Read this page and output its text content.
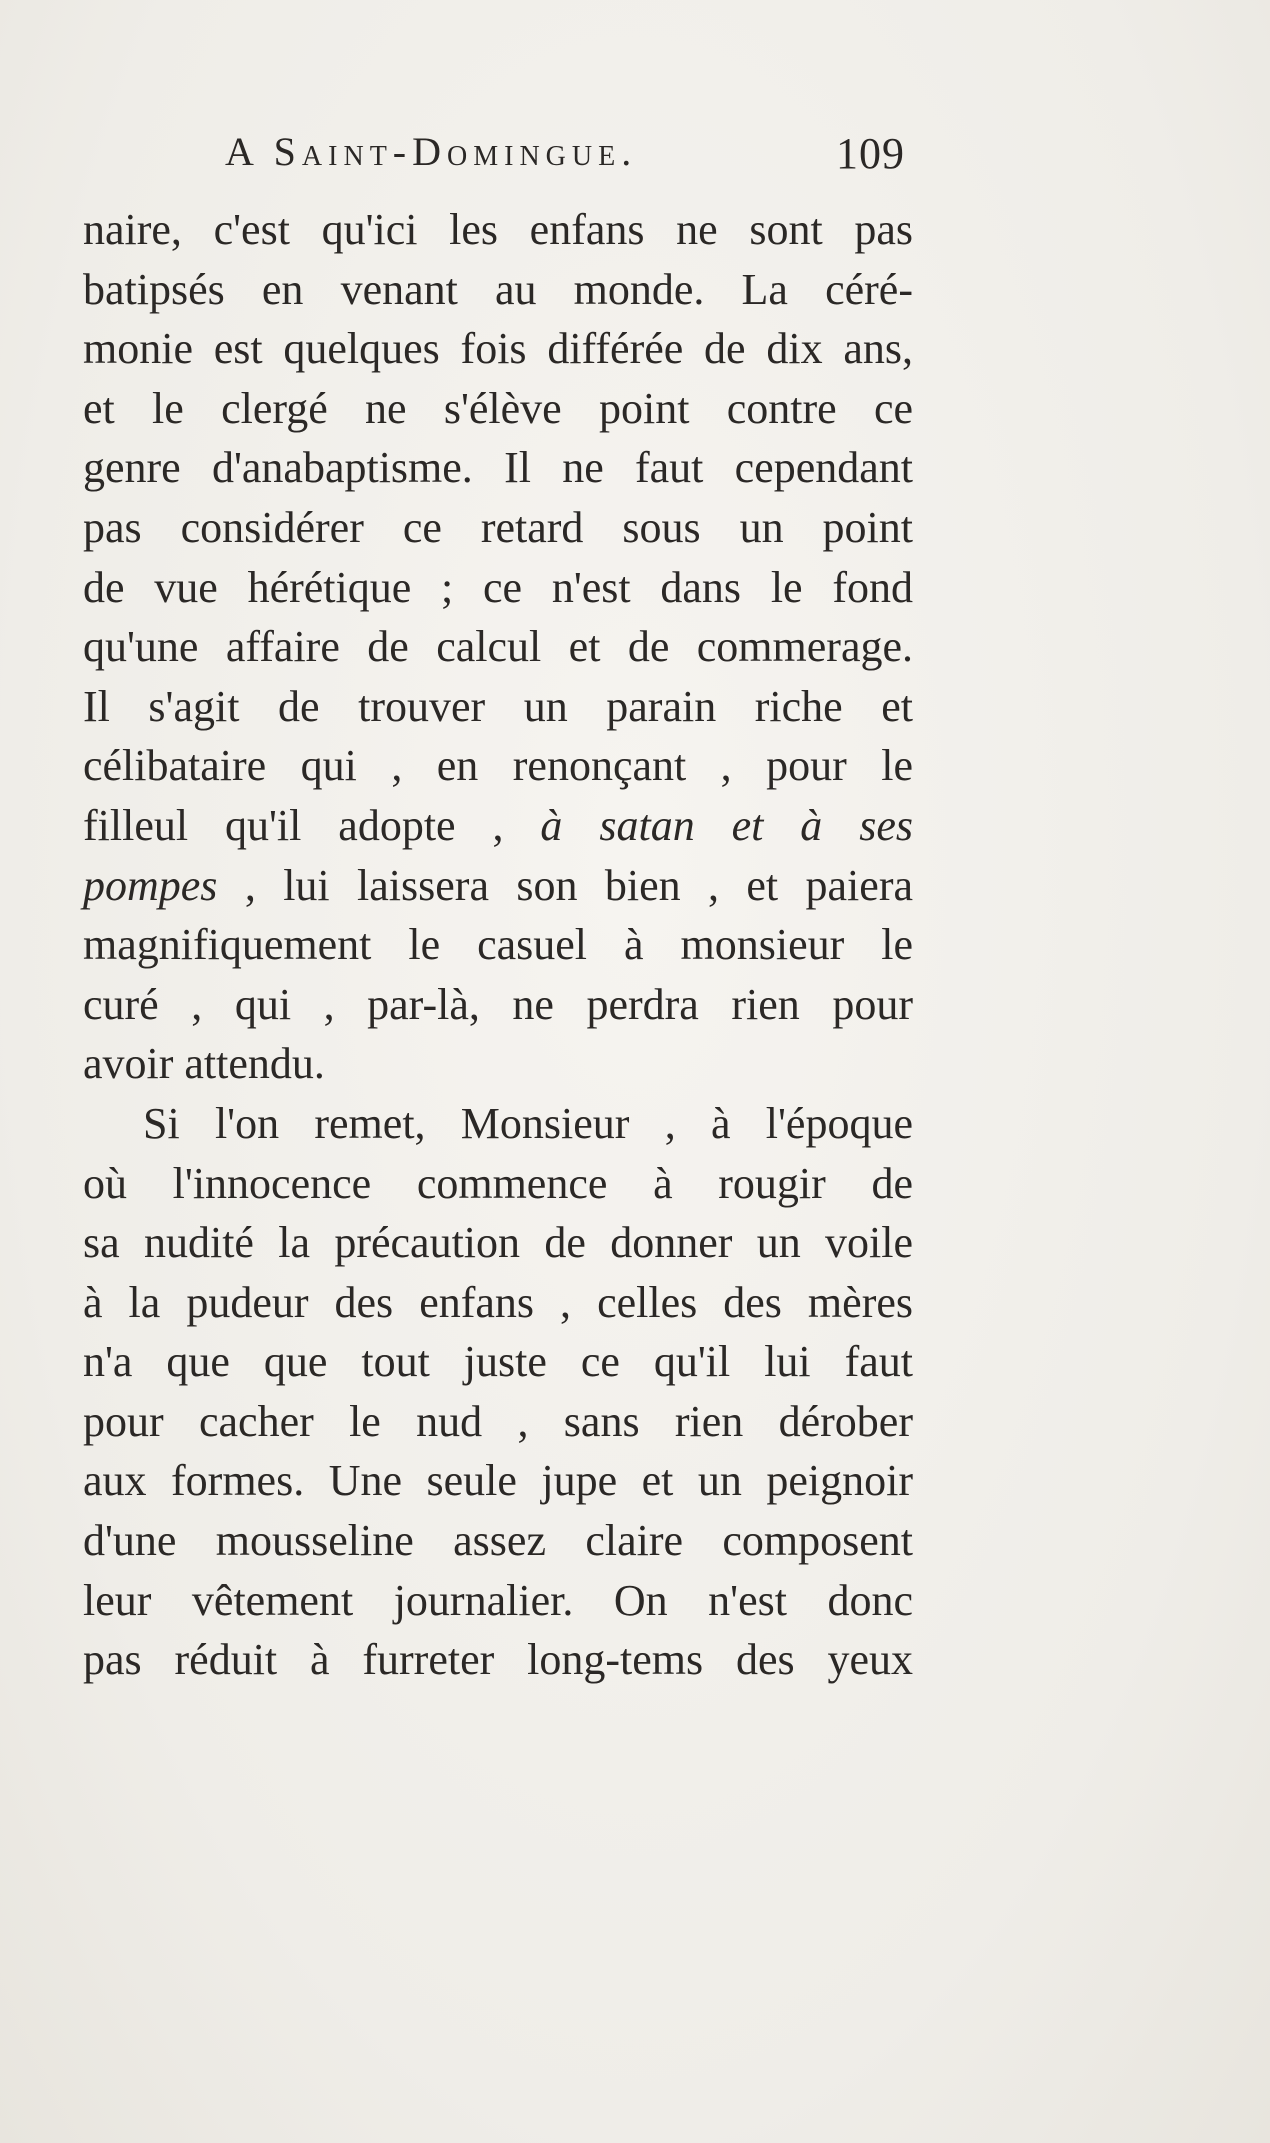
A Saint-Domingue.	109
naire, c'est qu'ici les enfans ne sont pas
batipsés en venant au monde. La céré-
monie est quelques fois différée de dix ans,
et le clergé ne s'élève point contre ce
genre d'anabaptisme. Il ne faut cependant
pas considérer ce retard sous un point
de vue hérétique ; ce n'est dans le fond
qu'une affaire de calcul et de commerage.
Il s'agit de trouver un parain riche et
célibataire qui , en renonçant , pour le
filleul qu'il adopte , à satan et à ses
pompes , lui laissera son bien , et paiera
magnifiquement le casuel à monsieur le
curé , qui , par-là, ne perdra rien pour
avoir attendu.
Si l'on remet, Monsieur , à l'époque
où l'innocence commence à rougir de
sa nudité la précaution de donner un voile
à la pudeur des enfans , celles des mères
n'a que que tout juste ce qu'il lui faut
pour cacher le nud , sans rien dérober
aux formes. Une seule jupe et un peignoir
d'une mousseline assez claire composent
leur vêtement journalier. On n'est donc
pas réduit à furreter long-tems des yeux
